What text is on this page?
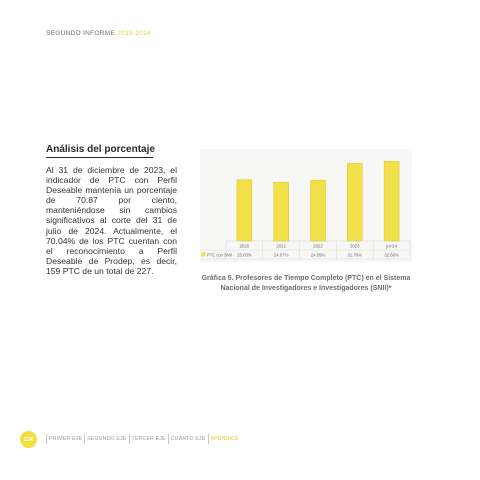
SEGUNDO INFORME 2023-2024
Análisis del porcentaje
Al 31 de diciembre de 2023, el indicador de PTC con Perfil Deseable mantenía un porcentaje de 70.87 por ciento, manteniéndose sin cambios significativos al corte del 31 de julio de 2024. Actualmente, el 70.04% de los PTC cuentan con el reconocimiento a Perfil Deseable de Prodep, es decir, 159 PTC de un total de 227.
2020	2021	2022	2023	jul-24
25.03%	24.07%	24.89%	31.76%	32.60%
PTC con SNII
Gráfica 5. Profesores de Tiempo Completo (PTC) en el Sistema Nacional de Investigadores e Investigadores (SNII)*
224	PRIMER EJE SEGUNDO EJE TERCER EJE CUARTO EJE APÉNDICE
